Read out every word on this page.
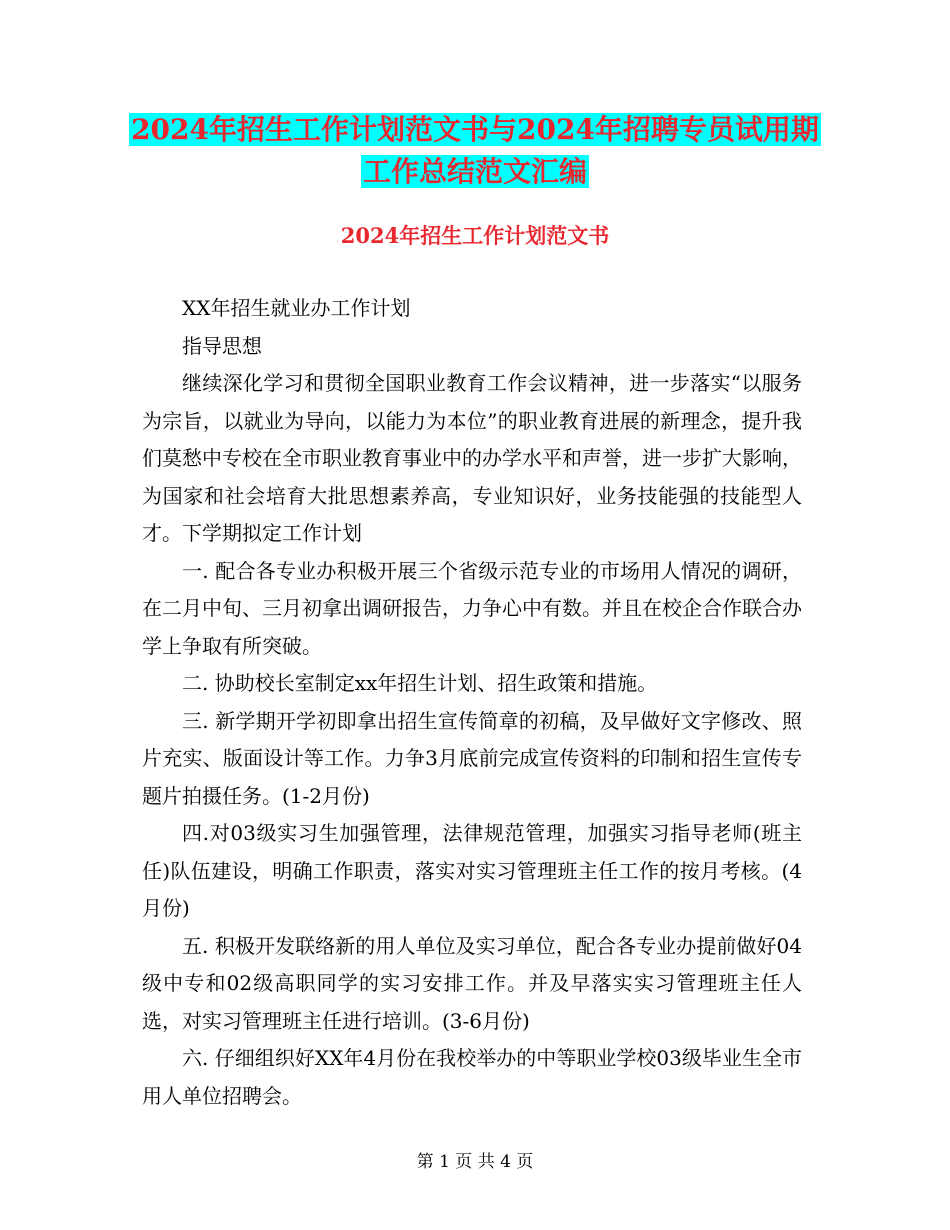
2024年招生工作计划范文书与2024年招聘专员试用期
工作总结范文汇编
2024年招生工作计划范文书

XX年招生就业办工作计划

指导思想

继续深化学习和贯彻全国职业教育工作会议精神，进一步落实“以服务为宗旨，以就业为导向，以能力为本位”的职业教育进展的新理念，提升我们莫愁中专校在全市职业教育事业中的办学水平和声誉，进一步扩大影响，为国家和社会培育大批思想素养高，专业知识好，业务技能强的技能型人才。下学期拟定工作计划

一. 配合各专业办积极开展三个省级示范专业的市场用人情况的调研，在二月中旬、三月初拿出调研报告，力争心中有数。并且在校企合作联合办学上争取有所突破。

二. 协助校长室制定xx年招生计划、招生政策和措施。

三. 新学期开学初即拿出招生宣传简章的初稿，及早做好文字修改、照片充实、版面设计等工作。力争3月底前完成宣传资料的印制和招生宣传专题片拍摄任务。(1-2月份)

四.对03级实习生加强管理，法律规范管理，加强实习指导老师(班主任)队伍建设，明确工作职责，落实对实习管理班主任工作的按月考核。(4月份)

五. 积极开发联络新的用人单位及实习单位，配合各专业办提前做好04级中专和02级高职同学的实习安排工作。并及早落实实习管理班主任人选，对实习管理班主任进行培训。(3-6月份)

六. 仔细组织好XX年4月份在我校举办的中等职业学校03级毕业生全市用人单位招聘会。

第 1 页 共 4 页
